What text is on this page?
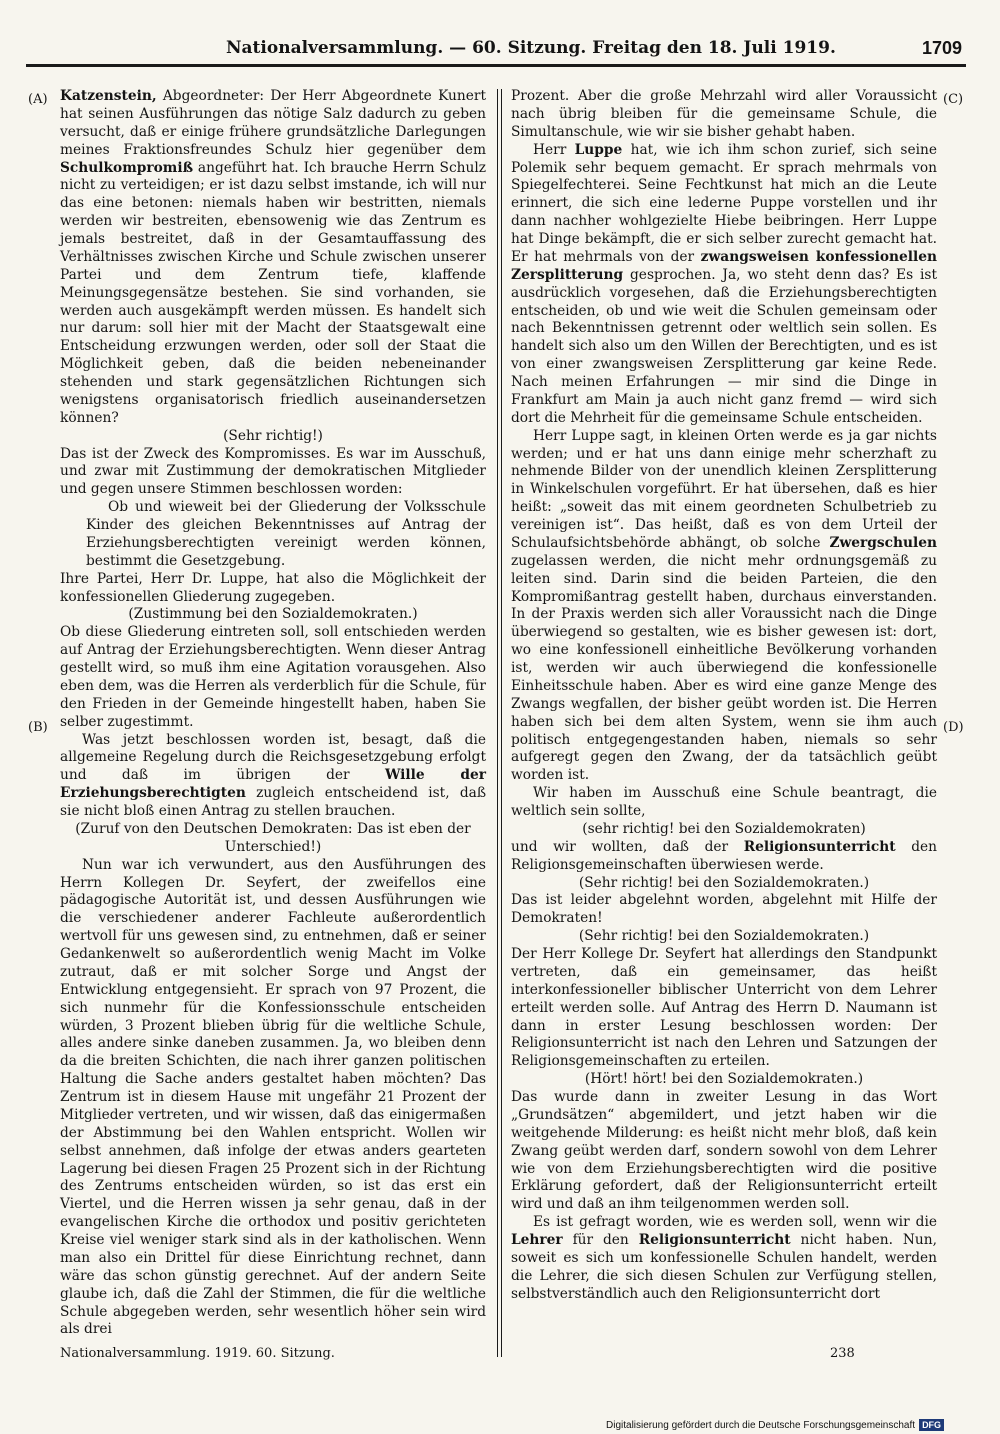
Nationalversammlung. — 60. Sitzung. Freitag den 18. Juli 1919.	1709
(A)
(B)
(C)
(D)

Katzenstein, Abgeordneter: Der Herr Abgeordnete Kunert hat seinen Ausführungen das nötige Salz dadurch zu geben versucht, daß er einige frühere grundsätzliche Darlegungen meines Fraktionsfreundes Schulz hier gegenüber dem Schulkompromiß angeführt hat. Ich brauche Herrn Schulz nicht zu verteidigen; er ist dazu selbst imstande, ich will nur das eine betonen: niemals haben wir bestritten, niemals werden wir bestreiten, ebensowenig wie das Zentrum es jemals bestreitet, daß in der Gesamtauffassung des Verhältnisses zwischen Kirche und Schule zwischen unserer Partei und dem Zentrum tiefe, klaffende Meinungsgegensätze bestehen. Sie sind vorhanden, sie werden auch ausgekämpft werden müssen. Es handelt sich nur darum: soll hier mit der Macht der Staatsgewalt eine Entscheidung erzwungen werden, oder soll der Staat die Möglichkeit geben, daß die beiden nebeneinander stehenden und stark gegensätzlichen Richtungen sich wenigstens organisatorisch friedlich auseinandersetzen können?

(Sehr richtig!)

Das ist der Zweck des Kompromisses. Es war im Ausschuß, und zwar mit Zustimmung der demokratischen Mitglieder und gegen unsere Stimmen beschlossen worden:

Ob und wieweit bei der Gliederung der Volksschule Kinder des gleichen Bekenntnisses auf Antrag der Erziehungsberechtigten vereinigt werden können, bestimmt die Gesetzgebung.

Ihre Partei, Herr Dr. Luppe, hat also die Möglichkeit der konfessionellen Gliederung zugegeben.

(Zustimmung bei den Sozialdemokraten.)

Ob diese Gliederung eintreten soll, soll entschieden werden auf Antrag der Erziehungsberechtigten. Wenn dieser Antrag gestellt wird, so muß ihm eine Agitation vorausgehen. Also eben dem, was die Herren als verderblich für die Schule, für den Frieden in der Gemeinde hingestellt haben, haben Sie selber zugestimmt.

Was jetzt beschlossen worden ist, besagt, daß die allgemeine Regelung durch die Reichsgesetzgebung erfolgt und daß im übrigen der Wille der Erziehungsberechtigten zugleich entscheidend ist, daß sie nicht bloß einen Antrag zu stellen brauchen.

(Zuruf von den Deutschen Demokraten: Das ist eben der Unterschied!)

Nun war ich verwundert, aus den Ausführungen des Herrn Kollegen Dr. Seyfert, der zweifellos eine pädagogische Autorität ist, und dessen Ausführungen wie die verschiedener anderer Fachleute außerordentlich wertvoll für uns gewesen sind, zu entnehmen, daß er seiner Gedankenwelt so außerordentlich wenig Macht im Volke zutraut, daß er mit solcher Sorge und Angst der Entwicklung entgegensieht. Er sprach von 97 Prozent, die sich nunmehr für die Konfessionsschule entscheiden würden, 3 Prozent blieben übrig für die weltliche Schule, alles andere sinke daneben zusammen. Ja, wo bleiben denn da die breiten Schichten, die nach ihrer ganzen politischen Haltung die Sache anders gestaltet haben möchten? Das Zentrum ist in diesem Hause mit ungefähr 21 Prozent der Mitglieder vertreten, und wir wissen, daß das einigermaßen der Abstimmung bei den Wahlen entspricht. Wollen wir selbst annehmen, daß infolge der etwas anders gearteten Lagerung bei diesen Fragen 25 Prozent sich in der Richtung des Zentrums entscheiden würden, so ist das erst ein Viertel, und die Herren wissen ja sehr genau, daß in der evangelischen Kirche die orthodox und positiv gerichteten Kreise viel weniger stark sind als in der katholischen. Wenn man also ein Drittel für diese Einrichtung rechnet, dann wäre das schon günstig gerechnet. Auf der andern Seite glaube ich, daß die Zahl der Stimmen, die für die weltliche Schule abgegeben werden, sehr wesentlich höher sein wird als drei

Prozent. Aber die große Mehrzahl wird aller Voraussicht nach übrig bleiben für die gemeinsame Schule, die Simultanschule, wie wir sie bisher gehabt haben.

Herr Luppe hat, wie ich ihm schon zurief, sich seine Polemik sehr bequem gemacht. Er sprach mehrmals von Spiegelfechterei. Seine Fechtkunst hat mich an die Leute erinnert, die sich eine lederne Puppe vorstellen und ihr dann nachher wohlgezielte Hiebe beibringen. Herr Luppe hat Dinge bekämpft, die er sich selber zurecht gemacht hat. Er hat mehrmals von der zwangsweisen konfessionellen Zersplitterung gesprochen. Ja, wo steht denn das? Es ist ausdrücklich vorgesehen, daß die Erziehungsberechtigten entscheiden, ob und wie weit die Schulen gemeinsam oder nach Bekenntnissen getrennt oder weltlich sein sollen. Es handelt sich also um den Willen der Berechtigten, und es ist von einer zwangsweisen Zersplitterung gar keine Rede. Nach meinen Erfahrungen — mir sind die Dinge in Frankfurt am Main ja auch nicht ganz fremd — wird sich dort die Mehrheit für die gemeinsame Schule entscheiden.

Herr Luppe sagt, in kleinen Orten werde es ja gar nichts werden; und er hat uns dann einige mehr scherzhaft zu nehmende Bilder von der unendlich kleinen Zersplitterung in Winkelschulen vorgeführt. Er hat übersehen, daß es hier heißt: „soweit das mit einem geordneten Schulbetrieb zu vereinigen ist“. Das heißt, daß es von dem Urteil der Schulaufsichtsbehörde abhängt, ob solche Zwergschulen zugelassen werden, die nicht mehr ordnungsgemäß zu leiten sind. Darin sind die beiden Parteien, die den Kompromißantrag gestellt haben, durchaus einverstanden. In der Praxis werden sich aller Voraussicht nach die Dinge überwiegend so gestalten, wie es bisher gewesen ist: dort, wo eine konfessionell einheitliche Bevölkerung vorhanden ist, werden wir auch überwiegend die konfessionelle Einheitsschule haben. Aber es wird eine ganze Menge des Zwangs wegfallen, der bisher geübt worden ist. Die Herren haben sich bei dem alten System, wenn sie ihm auch politisch entgegengestanden haben, niemals so sehr aufgeregt gegen den Zwang, der da tatsächlich geübt worden ist.

Wir haben im Ausschuß eine Schule beantragt, die weltlich sein sollte,

(sehr richtig! bei den Sozialdemokraten)

und wir wollten, daß der Religionsunterricht den Religionsgemeinschaften überwiesen werde.

(Sehr richtig! bei den Sozialdemokraten.)

Das ist leider abgelehnt worden, abgelehnt mit Hilfe der Demokraten!

(Sehr richtig! bei den Sozialdemokraten.)

Der Herr Kollege Dr. Seyfert hat allerdings den Standpunkt vertreten, daß ein gemeinsamer, das heißt interkonfessioneller biblischer Unterricht von dem Lehrer erteilt werden solle. Auf Antrag des Herrn D. Naumann ist dann in erster Lesung beschlossen worden: Der Religionsunterricht ist nach den Lehren und Satzungen der Religionsgemeinschaften zu erteilen.

(Hört! hört! bei den Sozialdemokraten.)

Das wurde dann in zweiter Lesung in das Wort „Grundsätzen“ abgemildert, und jetzt haben wir die weitgehende Milderung: es heißt nicht mehr bloß, daß kein Zwang geübt werden darf, sondern sowohl von dem Lehrer wie von dem Erziehungsberechtigten wird die positive Erklärung gefordert, daß der Religionsunterricht erteilt wird und daß an ihm teilgenommen werden soll.

Es ist gefragt worden, wie es werden soll, wenn wir die Lehrer für den Religionsunterricht nicht haben. Nun, soweit es sich um konfessionelle Schulen handelt, werden die Lehrer, die sich diesen Schulen zur Verfügung stellen, selbstverständlich auch den Religionsunterricht dort

Nationalversammlung. 1919. 60. Sitzung.	238
Digitalisierung gefördert durch die Deutsche Forschungsgemeinschaft DFG
